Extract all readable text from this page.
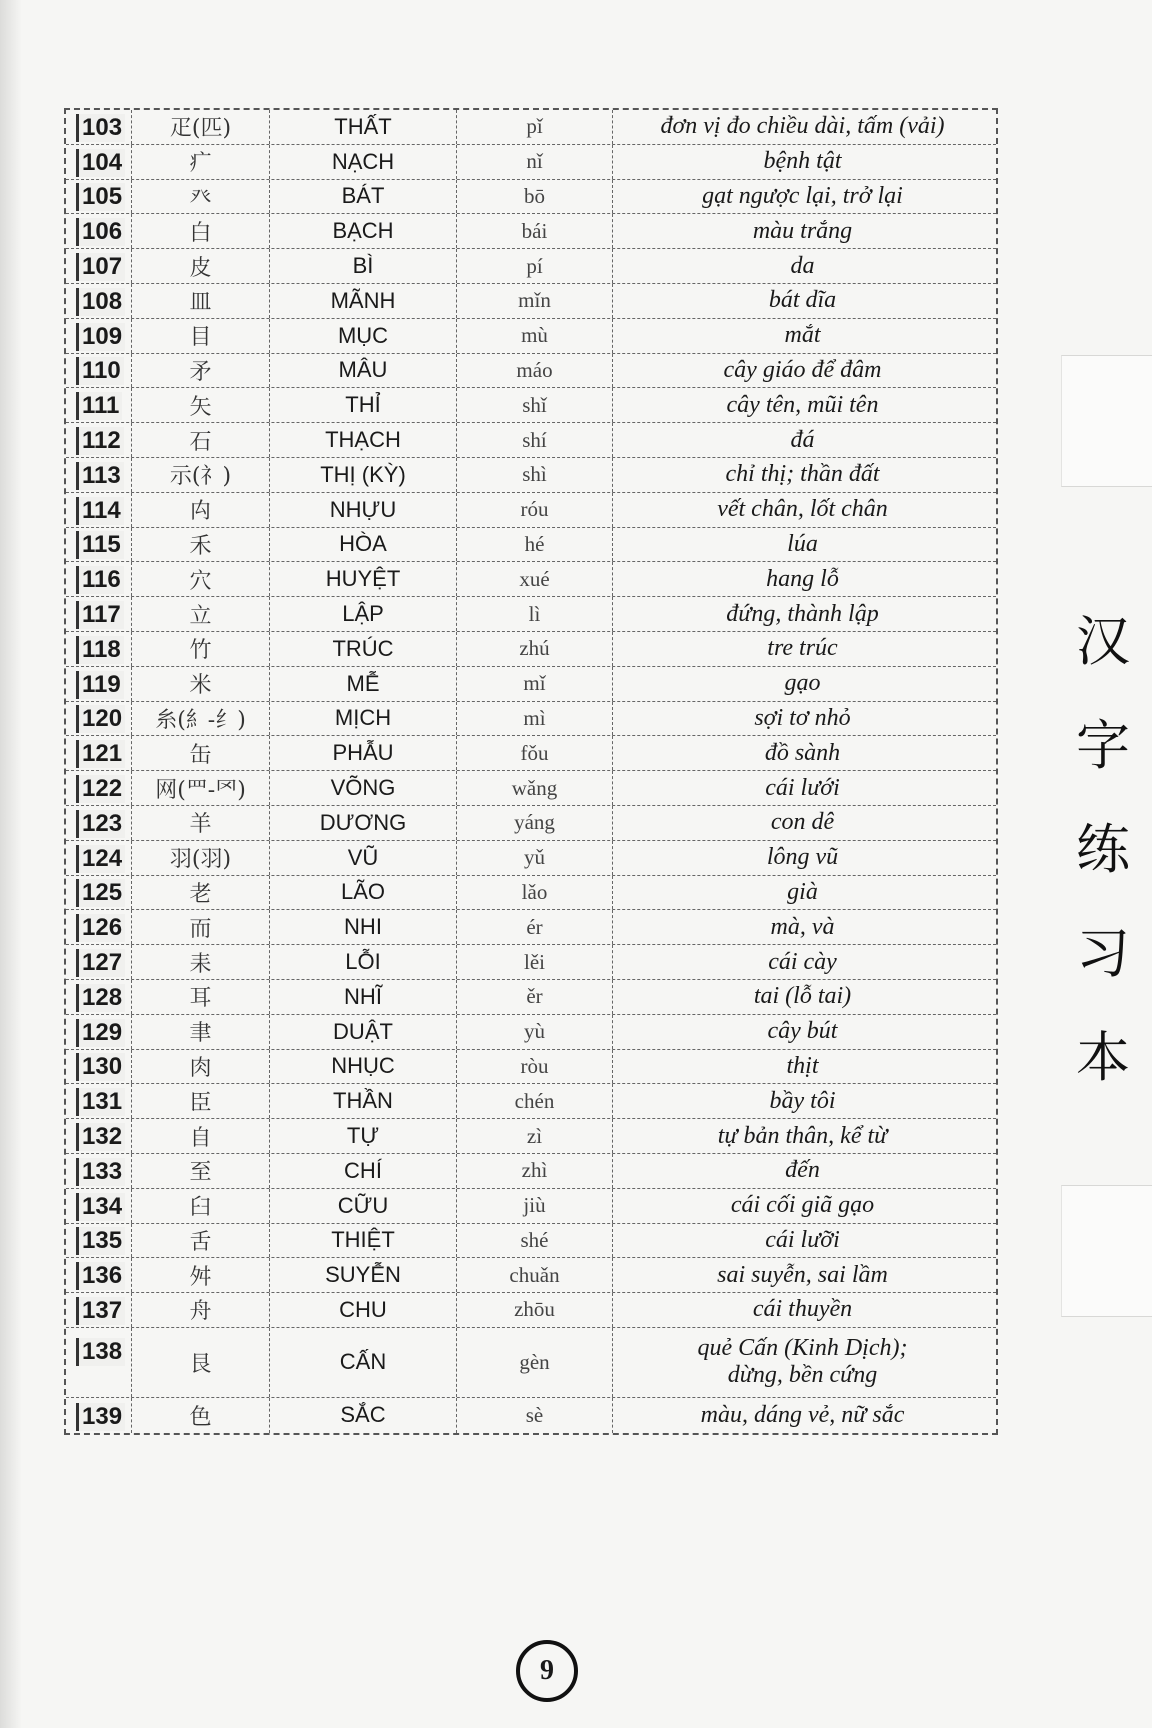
103	疋(匹)	THẤT	pǐ	đơn vị đo chiều dài, tấm (vải)
104	疒	NẠCH	nǐ	bệnh tật
105	癶	BÁT	bō	gạt ngược lại, trở lại
106	白	BẠCH	bái	màu trắng
107	皮	BÌ	pí	da
108	皿	MÃNH	mǐn	bát dĩa
109	目	MỤC	mù	mắt
110	矛	MÂU	máo	cây giáo để đâm
111	矢	THỈ	shǐ	cây tên, mũi tên
112	石	THẠCH	shí	đá
113	示(礻)	THỊ (KỲ)	shì	chỉ thị; thần đất
114	禸	NHỰU	róu	vết chân, lốt chân
115	禾	HÒA	hé	lúa
116	穴	HUYỆT	xué	hang lỗ
117	立	LẬP	lì	đứng, thành lập
118	竹	TRÚC	zhú	tre trúc
119	米	MỄ	mǐ	gạo
120	糸(糹-纟)	MỊCH	mì	sợi tơ nhỏ
121	缶	PHẪU	fǒu	đồ sành
122	网(罒-罓)	VÕNG	wǎng	cái lưới
123	羊	DƯƠNG	yáng	con dê
124	羽(羽)	VŨ	yǔ	lông vũ
125	老	LÃO	lǎo	già
126	而	NHI	ér	mà, và
127	耒	LỖI	lěi	cái cày
128	耳	NHĨ	ěr	tai (lỗ tai)
129	聿	DUẬT	yù	cây bút
130	肉	NHỤC	ròu	thịt
131	臣	THẦN	chén	bầy tôi
132	自	TỰ	zì	tự bản thân, kể từ
133	至	CHÍ	zhì	đến
134	臼	CỮU	jiù	cái cối giã gạo
135	舌	THIỆT	shé	cái lưỡi
136	舛	SUYỄN	chuǎn	sai suyễn, sai lầm
137	舟	CHU	zhōu	cái thuyền
138	艮	CẤN	gèn
quẻ Cấn (Kinh Dịch);
dừng, bền cứng
139	色	SẮC	sè	màu, dáng vẻ, nữ sắc
汉
字
练
习
本
9
